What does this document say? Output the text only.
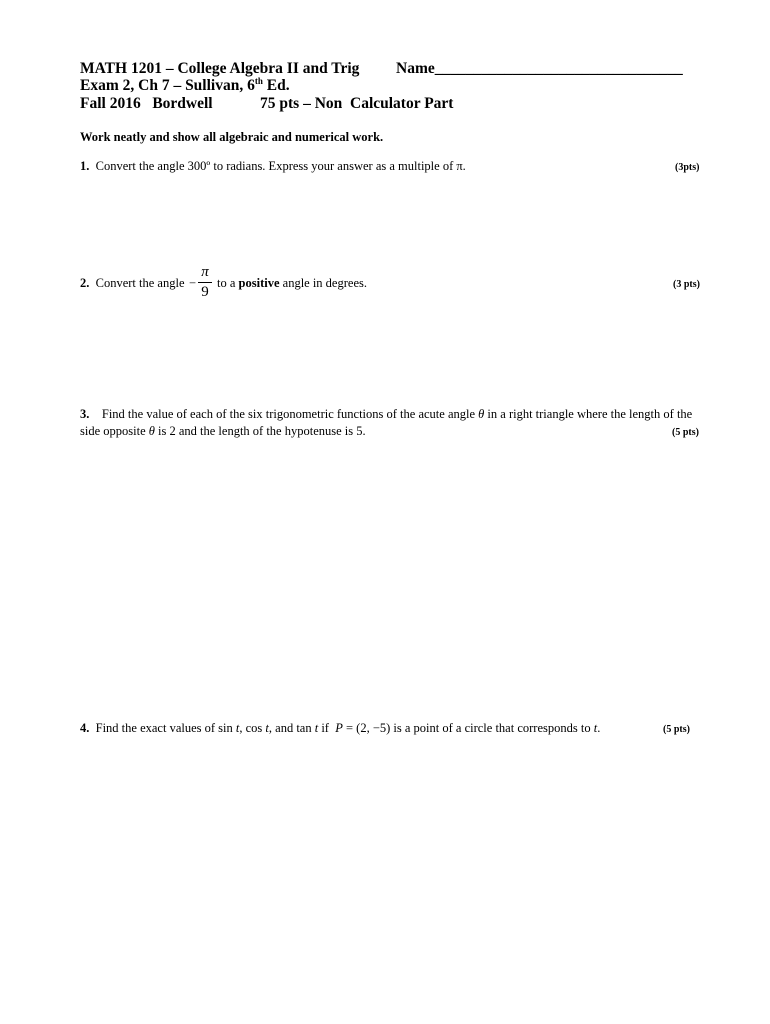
MATH 1201 – College Algebra II and Trig Name________________________________
Exam 2, Ch 7 – Sullivan, 6th Ed.
Fall 2016   Bordwell	75 pts – Non  Calculator Part
Work neatly and show all algebraic and numerical work.
1. Convert the angle 300º to radians. Express your answer as a multiple of π.	(3pts)
2. Convert the angle −
π
9
to a positive angle in degrees.	(3 pts)
3. Find the value of each of the six trigonometric functions of the acute angle θ in a right triangle where the length of the
side opposite θ is 2 and the length of the hypotenuse is 5.	(5 pts)
4. Find the exact values of sin t, cos t, and tan t if P = (2, −5) is a point of a circle that corresponds to t.	(5 pts)
